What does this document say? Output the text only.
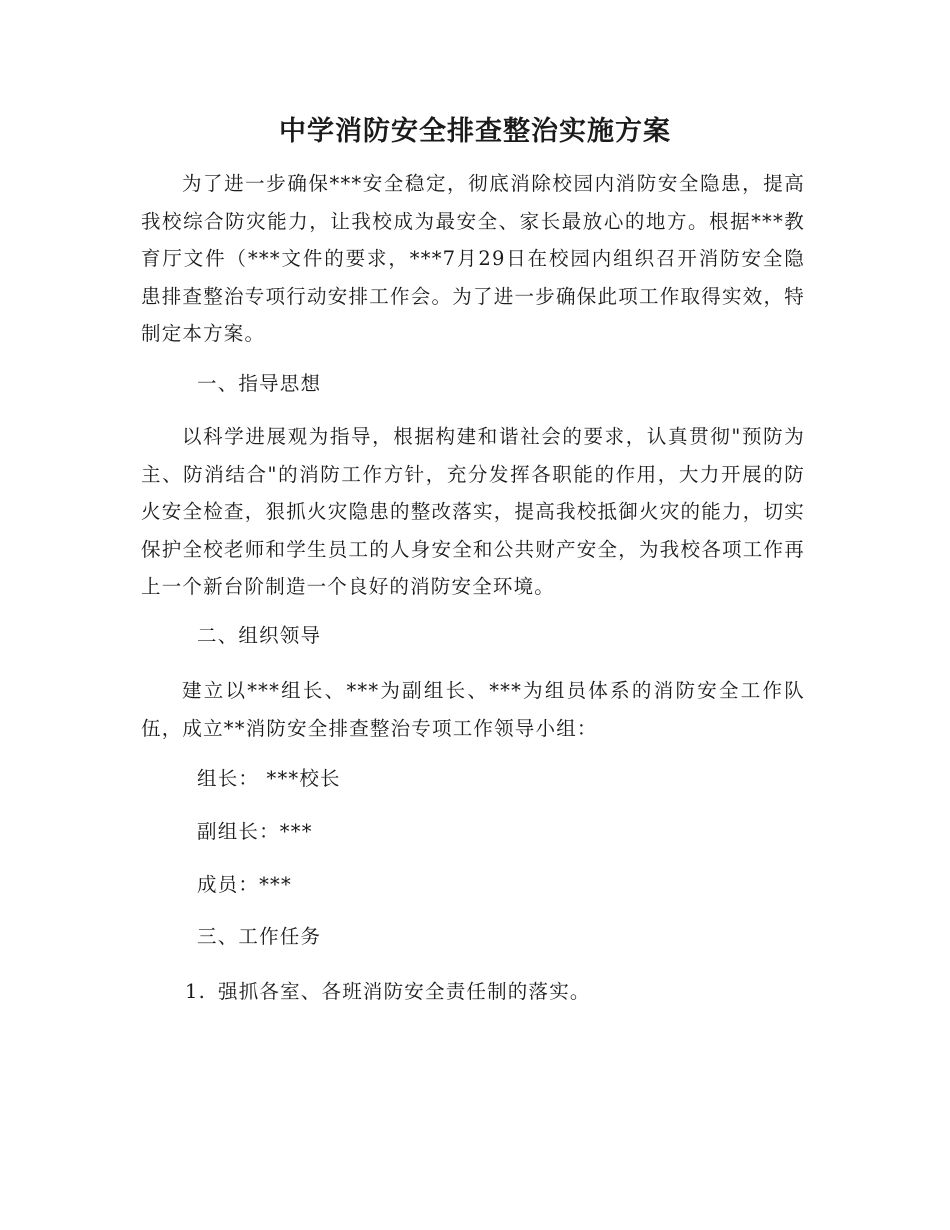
中学消防安全排查整治实施方案

为了进一步确保***安全稳定，彻底消除校园内消防安全隐患，提高我校综合防灾能力，让我校成为最安全、家长最放心的地方。根据***教育厅文件（***文件的要求，***7月29日在校园内组织召开消防安全隐患排查整治专项行动安排工作会。为了进一步确保此项工作取得实效，特制定本方案。

一、指导思想

以科学进展观为指导，根据构建和谐社会的要求，认真贯彻"预防为主、防消结合"的消防工作方针，充分发挥各职能的作用，大力开展的防火安全检查，狠抓火灾隐患的整改落实，提高我校抵御火灾的能力，切实保护全校老师和学生员工的人身安全和公共财产安全，为我校各项工作再上一个新台阶制造一个良好的消防安全环境。

二、组织领导

建立以***组长、***为副组长、***为组员体系的消防安全工作队伍，成立**消防安全排查整治专项工作领导小组：

组长： ***校长
副组长：***
成员：***
三、工作任务
1. 强抓各室、各班消防安全责任制的落实。
